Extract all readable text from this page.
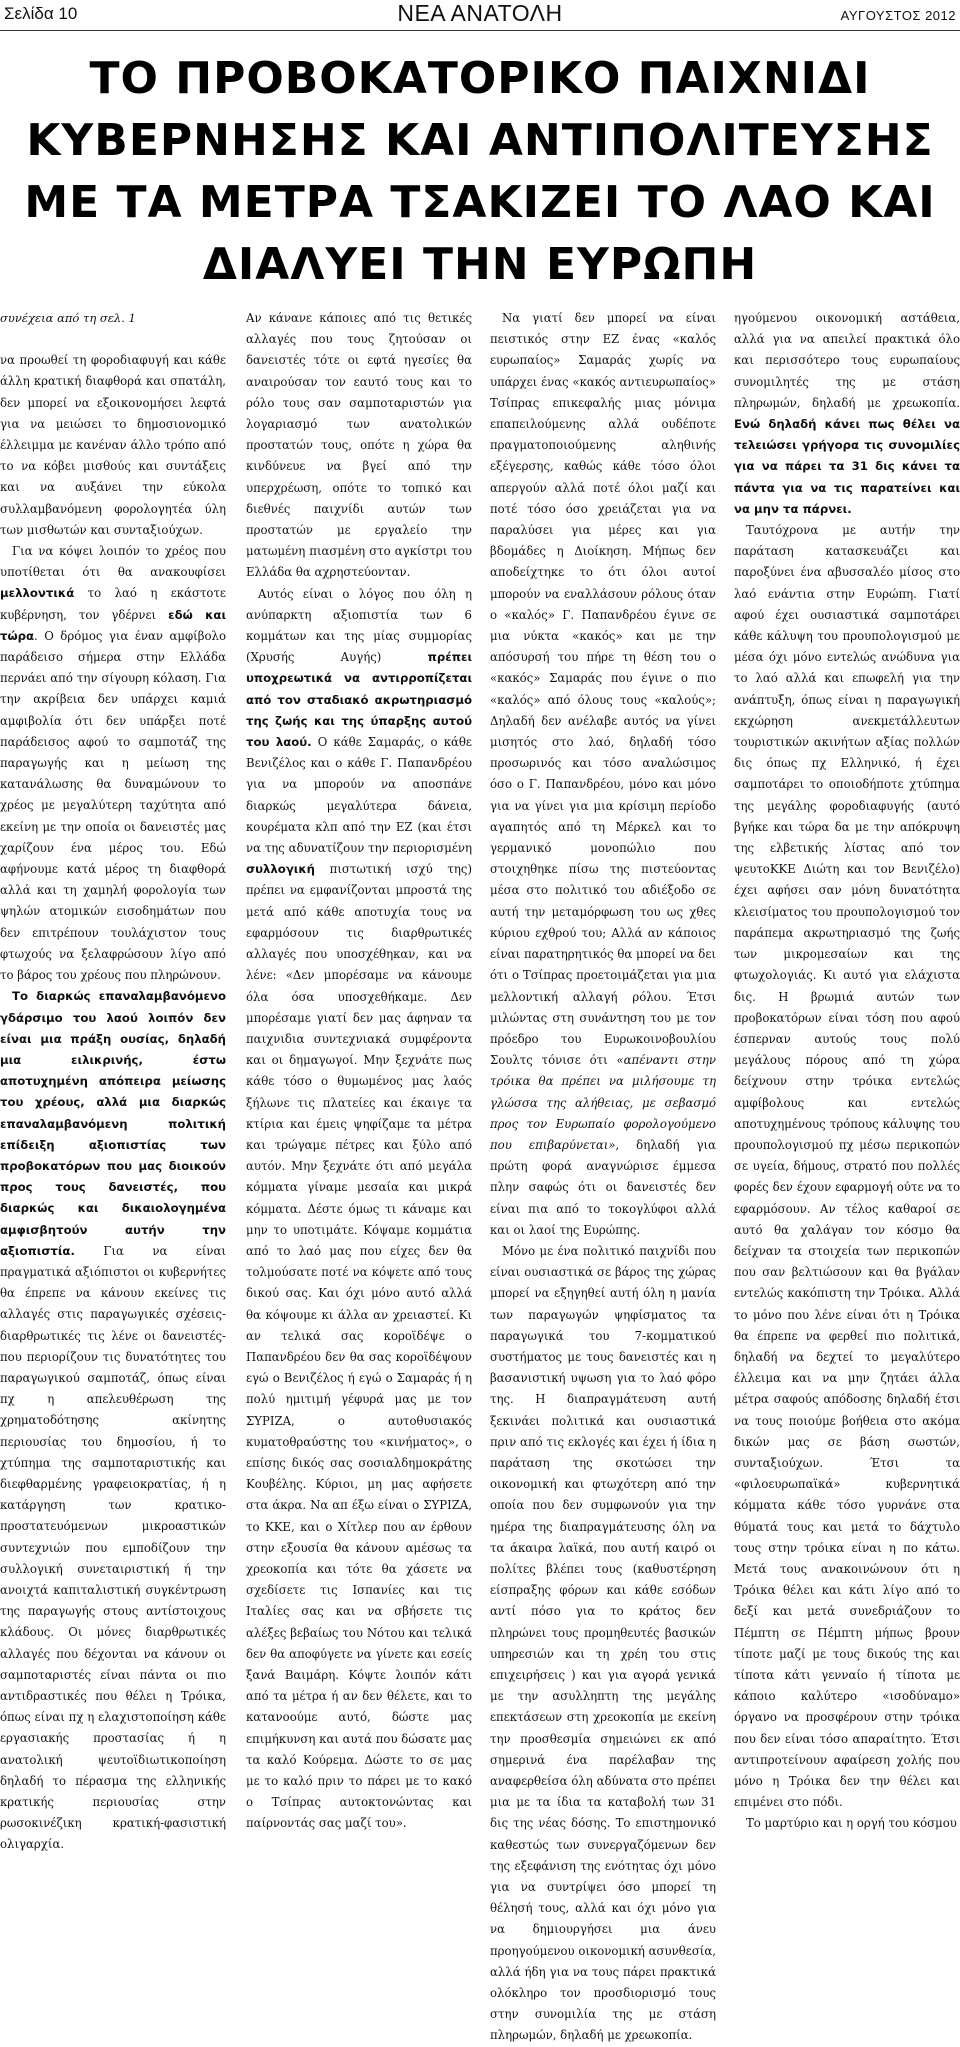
Σελίδα 10	ΝΕΑ ΑΝΑΤΟΛΗ	ΑΥΓΟΥΣΤΟΣ 2012
ΤΟ ΠΡΟΒΟΚΑΤΟΡΙΚΟ ΠΑΙΧΝΙΔΙ
ΚΥΒΕΡΝΗΣΗΣ ΚΑΙ ΑΝΤΙΠΟΛΙΤΕΥΣΗΣ
ΜΕ ΤΑ ΜΕΤΡΑ ΤΣΑΚΙΖΕΙ ΤΟ ΛΑΟ ΚΑΙ
ΔΙΑΛΥΕΙ ΤΗΝ ΕΥΡΩΠΗ
συνέχεια από τη σελ. 1

να προωθεί τη φοροδιαφυγή και κάθε άλλη κρατική διαφθορά και σπατάλη, δεν μπορεί να εξοικονομήσει λεφτά για να μειώσει το δημοσιονομικό έλλειμμα με κανέναν άλλο τρόπο από το να κόβει μισθούς και συντάξεις και να αυξάνει την εύκολα συλλαμβανόμενη φορολογητέα ύλη των μισθωτών και συνταξιούχων.

Για να κόψει λοιπόν το χρέος που υποτίθεται ότι θα ανακουφίσει μελλοντικά το λαό η εκάστοτε κυβέρνηση, τον γδέρνει εδώ και τώρα. Ο δρόμος για έναν αμφίβολο παράδεισο σήμερα στην Ελλάδα περνάει από την σίγουρη κόλαση. Για την ακρίβεια δεν υπάρχει καμιά αμφιβολία ότι δεν υπάρξει ποτέ παράδεισος αφού το σαμποτάζ της παραγωγής και η μείωση της κατανάλωσης θα δυναμώνουν το χρέος με μεγαλύτερη ταχύτητα από εκείνη με την οποία οι δανειστές μας χαρίζουν ένα μέρος του. Εδώ αφήνουμε κατά μέρος τη διαφθορά αλλά και τη χαμηλή φορολογία των ψηλών ατομικών εισοδημάτων που δεν επιτρέπουν τουλάχιστον τους φτωχούς να ξελαφρώσουν λίγο από το βάρος του χρέους που πληρώνουν.

Το διαρκώς επαναλαμβανόμενο γδάρσιμο του λαού λοιπόν δεν είναι μια πράξη ουσίας, δηλαδή μια ειλικρινής, έστω αποτυχημένη απόπειρα μείωσης του χρέους, αλλά μια διαρκώς επαναλαμβανόμενη πολιτική επίδειξη αξιοπιστίας των προβοκατόρων που μας διοικούν προς τους δανειστές, που διαρκώς και δικαιολογημένα αμφισβητούν αυτήν την αξιοπιστία. Για να είναι πραγματικά αξιόπιστοι οι κυβερνήτες θα έπρεπε να κάνουν εκείνες τις αλλαγές στις παραγωγικές σχέσεις-διαρθρωτικές τις λένε οι δανειστές-που περιορίζουν τις δυνατότητες του παραγωγικού σαμποτάζ, όπως είναι πχ η απελευθέρωση της χρηματοδότησης ακίνητης περιουσίας του δημοσίου, ή το χτύπημα της σαμποταριστικής και διεφθαρμένης γραφειοκρατίας, ή η κατάργηση των κρατικο-προστατευόμενων μικροαστικών συντεχνιών που εμποδίζουν την συλλογική συνεταιριστική ή την ανοιχτά καπιταλιστική συγκέντρωση της παραγωγής στους αντίστοιχους κλάδους. Οι μόνες διαρθρωτικές αλλαγές που δέχονται να κάνουν οι σαμποταριστές είναι πάντα οι πιο αντιδραστικές που θέλει η Τρόικα, όπως είναι πχ η ελαχιστοποίηση κάθε εργασιακής προστασίας ή η ανατολική ψευτοϊδιωτικοποίηση δηλαδή το πέρασμα της ελληνικής κρατικής περιουσίας στην ρωσοκινέζικη κρατική-φασιστική ολιγαρχία.

Αν κάνανε κάποιες από τις θετικές αλλαγές που τους ζητούσαν οι δανειστές τότε οι εφτά ηγεσίες θα αναιρούσαν τον εαυτό τους και το ρόλο τους σαν σαμποταριστών για λογαριασμό των ανατολικών προστατών τους, οπότε η χώρα θα κινδύνευε να βγεί από την υπερχρέωση, οπότε το τοπικό και διεθνές παιχνίδι αυτών των προστατών με εργαλείο την ματωμένη πιασμένη στο αγκίστρι του Ελλάδα θα αχρηστεύονταν.

Αυτός είναι ο λόγος που όλη η ανύπαρκτη αξιοπιστία των 6 κομμάτων και της μίας συμμορίας (Χρυσής Αυγής) πρέπει υποχρεωτικά να αντιρροπίζεται από τον σταδιακό ακρωτηριασμό της ζωής και της ύπαρξης αυτού του λαού. Ο κάθε Σαμαράς, ο κάθε Βενιζέλος και ο κάθε Γ. Παπανδρέου για να μπορούν να αποσπάνε διαρκώς μεγαλύτερα δάνεια, κουρέματα κλπ από την ΕΖ (και έτσι να της αδυνατίζουν την περιορισμένη συλλογική πιστωτική ισχύ της) πρέπει να εμφανίζονται μπροστά της μετά από κάθε αποτυχία τους να εφαρμόσουν τις διαρθρωτικές αλλαγές που υποσχέθηκαν, και να λένε: «Δεν μπορέσαμε να κάνουμε όλα όσα υποσχεθήκαμε. Δεν μπορέσαμε γιατί δεν μας άφηναν τα παιχνιδια συντεχνιακά συμφέροντα και οι δημαγωγοί. Μην ξεχνάτε πως κάθε τόσο ο θυμωμένος μας λαός ξήλωνε τις πλατείες και έκαιγε τα κτίρια και έμεις ψηφίζαμε τα μέτρα και τρώγαμε πέτρες και ξύλο από αυτόν. Μην ξεχνάτε ότι από μεγάλα κόμματα γίναμε μεσαία και μικρά κόμματα. Δέστε όμως τι κάναμε και μην το υποτιμάτε. Κόψαμε κομμάτια από το λαό μας που είχες δεν θα τολμούσατε ποτέ να κόψετε από τους δικού σας. Και όχι μόνο αυτό αλλά θα κόψουμε κι άλλα αν χρειαστεί. Κι αν τελικά σας κοροϊδέψε ο Παπανδρέου δεν θα σας κοροϊδέψουν εγώ ο Βενιζέλος ή εγώ ο Σαμαράς ή η πολύ ημιτιμή γέφυρά μας με τον ΣΥΡΙΖΑ, ο αυτοθυσιακός κυματοθραύστης του «κινήματος», ο επίσης δικός σας σοσιαλδημοκράτης Κουβέλης. Κύριοι, μη μας αφήσετε στα άκρα. Να απ έξω είναι ο ΣΥΡΙΖΑ, το ΚΚΕ, και ο Χίτλερ που αν έρθουν στην εξουσία θα κάνουν αμέσως τα χρεοκοπία και τότε θα χάσετε να σχεδίσετε τις Ισπανίες και τις Ιταλίες σας και να σβήσετε τις αλέξες βεβαίως του Νότου και τελικά δεν θα αποφύγετε να γίνετε και εσείς ξανά Βαιμάρη. Κόψτε λοιπόν κάτι από τα μέτρα ή αν δεν θέλετε, και το κατανοούμε αυτό, δώστε μας επιμήκυνση και αυτά που δώσατε μας τα καλό Κούρεμα. Δώστε το σε μας με το καλό πριν το πάρει με το κακό ο Τσίπρας αυτοκτονώντας και παίρνοντάς σας μαζί του».

Να γιατί δεν μπορεί να είναι πειστικός στην ΕΖ ένας «καλός ευρωπαίος» Σαμαράς χωρίς να υπάρχει ένας «κακός αντιευρωπαίος» Τσίπρας επικεφαλής μιας μόνιμα επαπειλούμενης αλλά ουδέποτε πραγματοποιούμενης αληθινής εξέγερσης, καθώς κάθε τόσο όλοι απεργούν αλλά ποτέ όλοι μαζί και ποτέ τόσο όσο χρειάζεται για να παραλύσει για μέρες και για βδομάδες η Διοίκηση. Μήπως δεν αποδείχτηκε το ότι όλοι αυτοί μπορούν να εναλλάσουν ρόλους όταν ο «καλός» Γ. Παπανδρέου έγινε σε μια νύκτα «κακός» και με την απόσυρσή του πήρε τη θέση του ο «κακός» Σαμαράς που έγινε ο πιο «καλός» από όλους τους «καλούς»; Δηλαδή δεν ανέλαβε αυτός να γίνει μισητός στο λαό, δηλαδή τόσο προσωρινός και τόσο αναλώσιμος όσο ο Γ. Παπανδρέου, μόνο και μόνο για να γίνει για μια κρίσιμη περίοδο αγαπητός από τη Μέρκελ και το γερμανικό μονοπώλιο που στοιχηθηκε πίσω της πιστεύοντας μέσα στο πολιτικό του αδιέξοδο σε αυτή την μεταμόρφωση του ως χθες κύριου εχθρού του; Αλλά αν κάποιος είναι παρατηρητικός θα μπορεί να δει ότι ο Τσίπρας προετοιμάζεται για μια μελλοντική αλλαγή ρόλου. Έτσι μιλώντας στη συνάντηση του με τον πρόεδρο του Ευρωκοινοβουλίου Σουλτς τόνισε ότι «απέναντι στην τρόικα θα πρέπει να μιλήσουμε τη γλώσσα της αλήθειας, με σεβασμό προς τον Ευρωπαίο φορολογούμενο που επιβαρύνεται», δηλαδή για πρώτη φορά αναγνώρισε έμμεσα πλην σαφώς ότι οι δανειστές δεν είναι πια από το τοκογλύφοι αλλά και οι λαοί της Ευρώπης.

Μόνο με ένα πολιτικό παιχνίδι που είναι ουσιαστικά σε βάρος της χώρας μπορεί να εξηγηθεί αυτή όλη η μανία των παραγωγών ψηφίσματος τα παραγωγικά του 7-κομματικού συστήματος με τους δανειστές και η βασανιστική υψωση για το λαό φόρο της. Η διαπραγμάτευση αυτή ξεκινάει πολιτικά και ουσιαστικά πριν από τις εκλογές και έχει ή ίδια η παράταση της σκοτώσει την οικονομική και φτωχότερη από την οποία που δεν συμφωνούν για την ημέρα της διαπραγμάτευσης όλη να τα άκαιρα λαϊκά, που αυτή καιρό οι πολίτες βλέπει τους (καθυστέρηση είσπραξης φόρων και κάθε εσόδων αντί πόσο για το κράτος δεν πληρώνει τους προμηθευτές βασικών υπηρεσιών και τη χρέη του στις επιχειρήσεις ) και για αγορά γενικά με την ασυλληπτη της μεγάλης επεκτάσεων στη χρεοκοπία με εκείνη την προσθεσμία σημειώνει εκ από σημερινά ένα παρέλαβαν της αναφερθείσα όλη αδύνατα στο πρέπει μια με τα ίδια τα καταβολή των 31 δις της νέας δόσης. Το επιστημονικό καθεστώς των συνεργαζόμενων δεν της εξεφάνιση της ενότητας όχι μόνο για να συντρίψει όσο μπορεί τη θέλησή τους, αλλά και όχι μόνο για να δημιουργήσει μια άνευ προηγούμενου οικονομική ασυνθεσία, αλλά ήδη για να τους πάρει πρακτικά ολόκληρο τον προσδιορισμό τους στην συνομιλία της με στάση πληρωμών, δηλαδή με χρεωκοπία.

ηγούμενου οικονομική αστάθεια, αλλά για να απειλεί πρακτικά όλο και περισσότερο τους ευρωπαίους συνομιλητές της με στάση πληρωμών, δηλαδή με χρεωκοπία. Ενώ δηλαδή κάνει πως θέλει να τελειώσει γρήγορα τις συνομιλίες για να πάρει τα 31 δις κάνει τα πάντα για να τις παρατείνει και να μην τα πάρνει.

Ταυτόχρονα με αυτήν την παράταση κατασκευάζει και παροξύνει ένα αβυσσαλέο μίσος στο λαό ενάντια στην Ευρώπη. Γιατί αφού έχει ουσιαστικά σαμποτάρει κάθε κάλυψη του προυπολογισμού με μέσα όχι μόνο εντελώς ανώδυνα για το λαό αλλά και επωφελή για την ανάπτυξη, όπως είναι η παραγωγική εκχώρηση ανεκμετάλλευτων τουριστικών ακινήτων αξίας πολλών δις όπως πχ Ελληνικό, ή έχει σαμποτάρει το οποιοδήποτε χτύπημα της μεγάλης φοροδιαφυγής (αυτό βγήκε και τώρα δα με την απόκρυψη της ελβετικής λίστας από τον ψευτοΚΚΕ Διώτη και τον Βενιζέλο) έχει αφήσει σαν μόνη δυνατότητα κλεισίματος του προυπολογισμού τον παράπεμα ακρωτηριασμό της ζωής των μικρομεσαίων και της φτωχολογιάς. Κι αυτό για ελάχιστα δις. Η βρωμιά αυτών των προβοκατόρων είναι τόση που αφού έσπερναν αυτούς τους πολύ μεγάλους πόρους από τη χώρα δείχνουν στην τρόικα εντελώς αμφίβολους και εντελώς αποτυχημένους τρόπους κάλυψης του προυπολογισμού πχ μέσω περικοπών σε υγεία, δήμους, στρατό που πολλές φορές δεν έχουν εφαρμογή ούτε να το εφαρμόσουν. Αν τέλος καθαροί σε αυτό θα χαλάγαν τον κόσμο θα δείχναν τα στοιχεία των περικοπών που σαν βελτιώσουν και θα βγάλαν εντελώς κακόπιστη την Τρόικα. Αλλά το μόνο που λένε είναι ότι η Τρόικα θα έπρεπε να φερθεί πιο πολιτικά, δηλαδή να δεχτεί το μεγαλύτερο έλλειμα και να μην ζητάει άλλα μέτρα σαφούς απόδοσης δηλαδή έτσι να τους ποιούμε βοήθεια στο ακόμα δικών μας σε βάση σωστών, συνταξιούχων. Έτσι τα «φιλοευρωπαϊκά» κυβερνητικά κόμματα κάθε τόσο γυρνάνε στα θύματά τους και μετά το δάχτυλο τους στην τρόικα είναι η πο κάτω. Μετά τους ανακοινώνουν ότι η Τρόικα θέλει και κάτι λίγο από το δεξί και μετά συνεδριάζουν το Πέμπτη σε Πέμπτη μήπως βρουν τίποτε μαζί με τους δικούς της και τίποτα κάτι γενναίο ή τίποτα με κάποιο καλύτερο «ισοδύναμο» όργανο να προσφέρουν στην τρόικα που δεν είναι τόσο απαραίτητο. Έτσι αντιπροτείνουν αφαίρεση χολής που μόνο η Τρόικα δεν την θέλει και επιμένει στο πόδι.

Το μαρτύριο και η οργή του κόσμου
